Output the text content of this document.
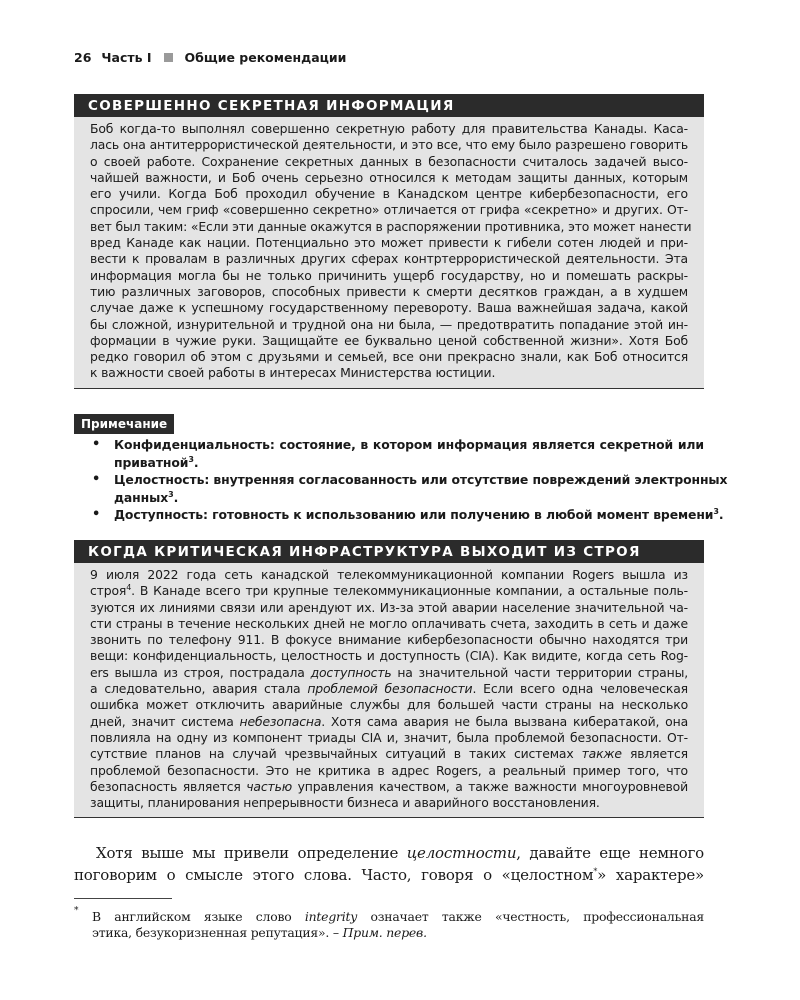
26 Часть I	Общие рекомендации
СОВЕРШЕННО СЕКРЕТНАЯ ИНФОРМАЦИЯ
Боб когда-то выполнял совершенно секретную работу для правительства Канады. Каса-
лась она антитеррористической деятельности, и это все, что ему было разрешено говорить
о своей работе. Сохранение секретных данных в безопасности считалось задачей высо-
чайшей важности, и Боб очень серьезно относился к методам защиты данных, которым
его учили. Когда Боб проходил обучение в Канадском центре кибербезопасности, его
спросили, чем гриф «совершенно секретно» отличается от грифа «секретно» и других. От-
вет был таким: «Если эти данные окажутся в распоряжении противника, это может нанести
вред Канаде как нации. Потенциально это может привести к гибели сотен людей и при-
вести к провалам в различных других сферах контртеррористической деятельности. Эта
информация могла бы не только причинить ущерб государству, но и помешать раскры-
тию различных заговоров, способных привести к смерти десятков граждан, а в худшем
случае даже к успешному государственному перевороту. Ваша важнейшая задача, какой
бы сложной, изнурительной и трудной она ни была, — предотвратить попадание этой ин-
формации в чужие руки. Защищайте ее буквально ценой собственной жизни». Хотя Боб
редко говорил об этом с друзьями и семьей, все они прекрасно знали, как Боб относится
к важности своей работы в интересах Министерства юстиции.
Примечание
• Конфиденциальность: состояние, в котором информация является секретной или
приватной$^3$.
• Целостность: внутренняя согласованность или отсутствие повреждений электронных
данных$^3$.
• Доступность: готовность к использованию или получению в любой момент времени$^3$.
КОГДА КРИТИЧЕСКАЯ ИНФРАСТРУКТУРА ВЫХОДИТ ИЗ СТРОЯ
9 июля 2022 года сеть канадской телекоммуникационной компании Rogers вышла из
строя$^4$. В Канаде всего три крупные телекоммуникационные компании, а остальные поль-
зуются их линиями связи или арендуют их. Из-за этой аварии население значительной ча-
сти страны в течение нескольких дней не могло оплачивать счета, заходить в сеть и даже
звонить по телефону 911. В фокусе внимание кибербезопасности обычно находятся три
вещи: конфиденциальность, целостность и доступность (CIA). Как видите, когда сеть Rog-
ers вышла из строя, пострадала доступность на значительной части территории страны,
а следовательно, авария стала проблемой безопасности. Если всего одна человеческая
ошибка может отключить аварийные службы для большей части страны на несколько
дней, значит система небезопасна. Хотя сама авария не была вызвана кибератакой, она
повлияла на одну из компонент триады CIA и, значит, была проблемой безопасности. От-
сутствие планов на случай чрезвычайных ситуаций в таких системах также является
проблемой безопасности. Это не критика в адрес Rogers, а реальный пример того, что
безопасность является частью управления качеством, а также важности многоуровневой
защиты, планирования непрерывности бизнеса и аварийного восстановления.
Хотя выше мы привели определение целостности, давайте еще немного
поговорим о смысле этого слова. Часто, говоря о «целостном*» характере»
*	В английском языке слово integrity означает также «честность, профессиональная
этика, безукоризненная репутация». – Прим. перев.
